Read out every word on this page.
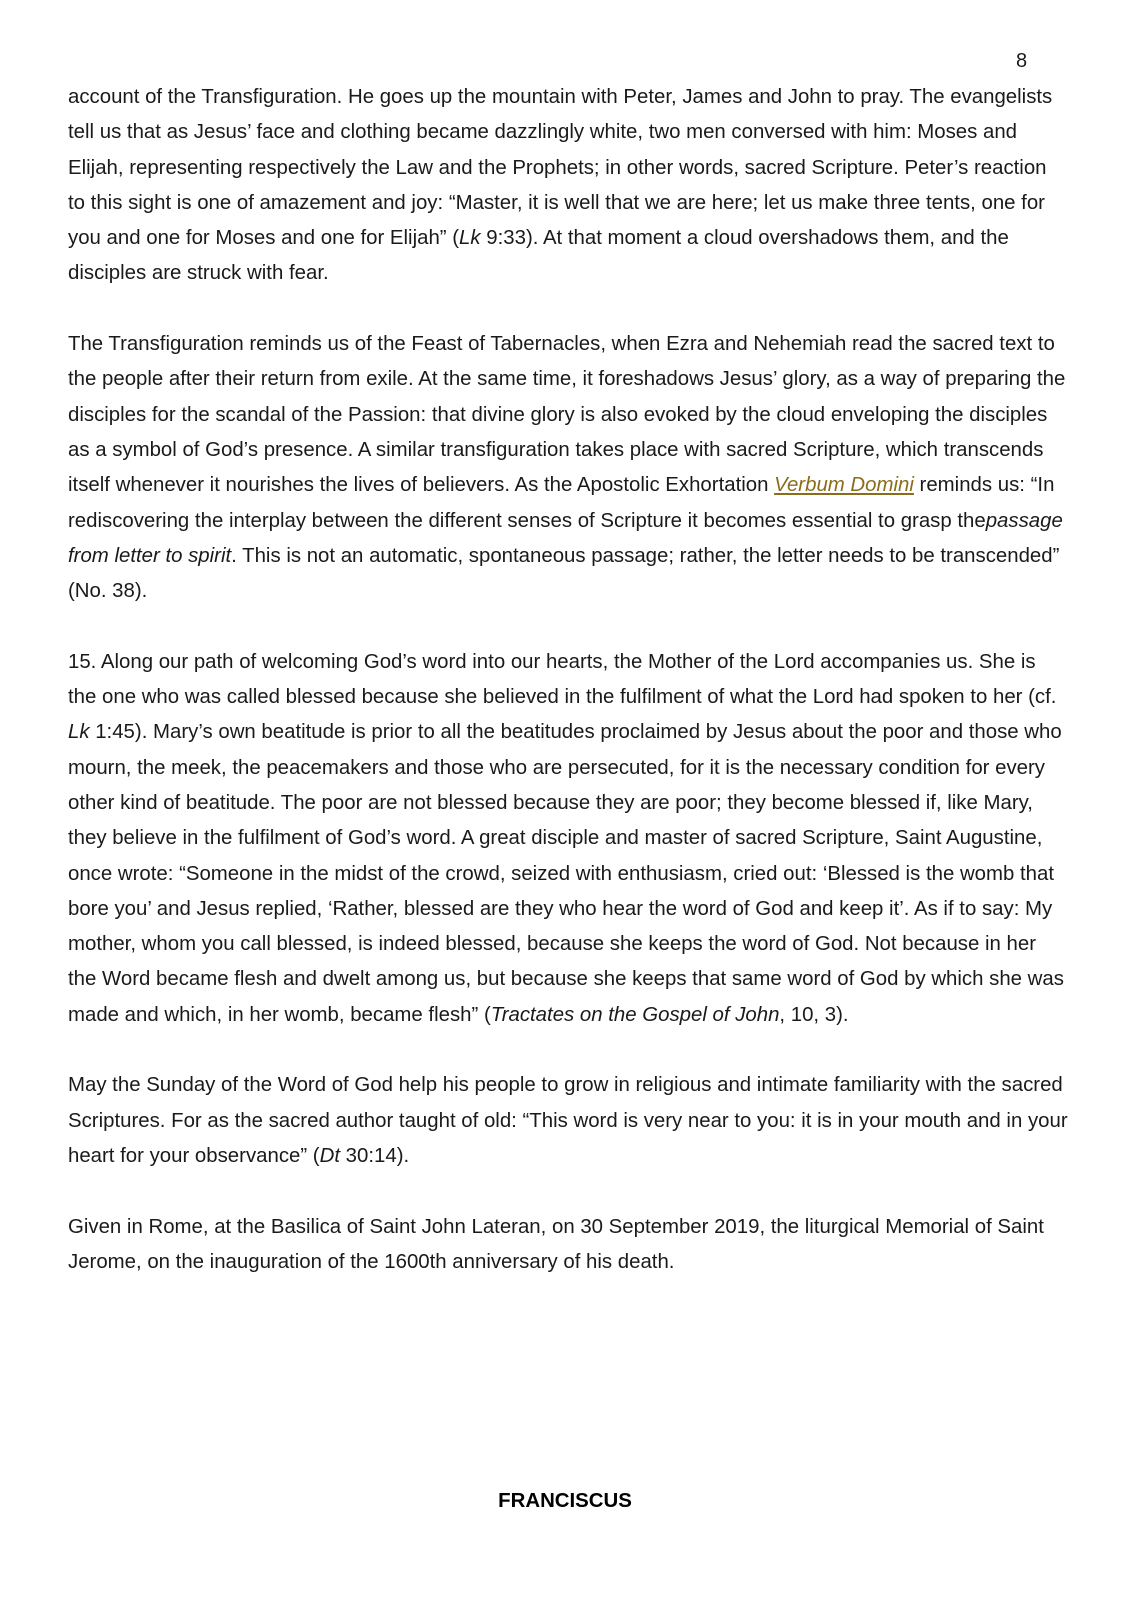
8

account of the Transfiguration. He goes up the mountain with Peter, James and John to pray. The evangelists tell us that as Jesus’ face and clothing became dazzlingly white, two men conversed with him: Moses and Elijah, representing respectively the Law and the Prophets; in other words, sacred Scripture. Peter’s reaction to this sight is one of amazement and joy: “Master, it is well that we are here; let us make three tents, one for you and one for Moses and one for Elijah” (Lk 9:33). At that moment a cloud overshadows them, and the disciples are struck with fear.

The Transfiguration reminds us of the Feast of Tabernacles, when Ezra and Nehemiah read the sacred text to the people after their return from exile. At the same time, it foreshadows Jesus’ glory, as a way of preparing the disciples for the scandal of the Passion: that divine glory is also evoked by the cloud enveloping the disciples as a symbol of God’s presence. A similar transfiguration takes place with sacred Scripture, which transcends itself whenever it nourishes the lives of believers. As the Apostolic Exhortation Verbum Domini reminds us: “In rediscovering the interplay between the different senses of Scripture it becomes essential to grasp thepassage from letter to spirit. This is not an automatic, spontaneous passage; rather, the letter needs to be transcended” (No. 38).

15. Along our path of welcoming God’s word into our hearts, the Mother of the Lord accompanies us. She is the one who was called blessed because she believed in the fulfilment of what the Lord had spoken to her (cf. Lk 1:45). Mary’s own beatitude is prior to all the beatitudes proclaimed by Jesus about the poor and those who mourn, the meek, the peacemakers and those who are persecuted, for it is the necessary condition for every other kind of beatitude. The poor are not blessed because they are poor; they become blessed if, like Mary, they believe in the fulfilment of God’s word. A great disciple and master of sacred Scripture, Saint Augustine, once wrote: “Someone in the midst of the crowd, seized with enthusiasm, cried out: ‘Blessed is the womb that bore you’ and Jesus replied, ‘Rather, blessed are they who hear the word of God and keep it’. As if to say: My mother, whom you call blessed, is indeed blessed, because she keeps the word of God. Not because in her the Word became flesh and dwelt among us, but because she keeps that same word of God by which she was made and which, in her womb, became flesh” (Tractates on the Gospel of John, 10, 3).

May the Sunday of the Word of God help his people to grow in religious and intimate familiarity with the sacred Scriptures. For as the sacred author taught of old: “This word is very near to you: it is in your mouth and in your heart for your observance” (Dt 30:14).

Given in Rome, at the Basilica of Saint John Lateran, on 30 September 2019, the liturgical Memorial of Saint Jerome, on the inauguration of the 1600th anniversary of his death.

FRANCISCUS
